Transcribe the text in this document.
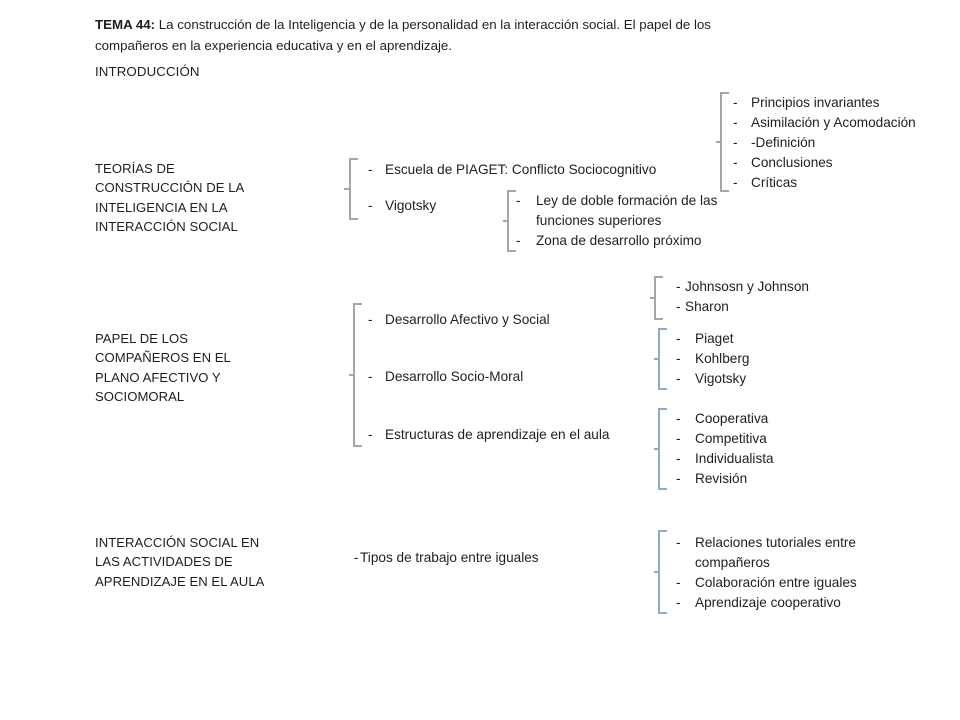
TEMA 44: La construcción de la Inteligencia y de la personalidad en la interacción social. El papel de los compañeros en la experiencia educativa y en el aprendizaje.
INTRODUCCIÓN
TEORÍAS DE CONSTRUCCIÓN DE LA INTELIGENCIA EN LA INTERACCIÓN SOCIAL
- Escuela de PIAGET: Conflicto Sociocognitivo
- Vigotsky
- Principios invariantes
- Asimilación y Acomodación
- -Definición
- Conclusiones
- Críticas
-	Ley de doble formación de las funciones superiores
-	Zona de desarrollo próximo
PAPEL DE LOS COMPAÑEROS EN EL PLANO AFECTIVO Y SOCIOMORAL
- Desarrollo Afectivo y Social
- Desarrollo Socio-Moral
- Estructuras de aprendizaje en el aula
- Johnsosn y Johnson
- Sharon
-	Piaget
-	Kohlberg
-	Vigotsky
-	Cooperativa
-	Competitiva
-	Individualista
-	Revisión
INTERACCIÓN SOCIAL EN LAS ACTIVIDADES DE APRENDIZAJE EN EL AULA
- Tipos de trabajo entre iguales
-	Relaciones tutoriales entre compañeros
-	Colaboración entre iguales
-	Aprendizaje cooperativo
